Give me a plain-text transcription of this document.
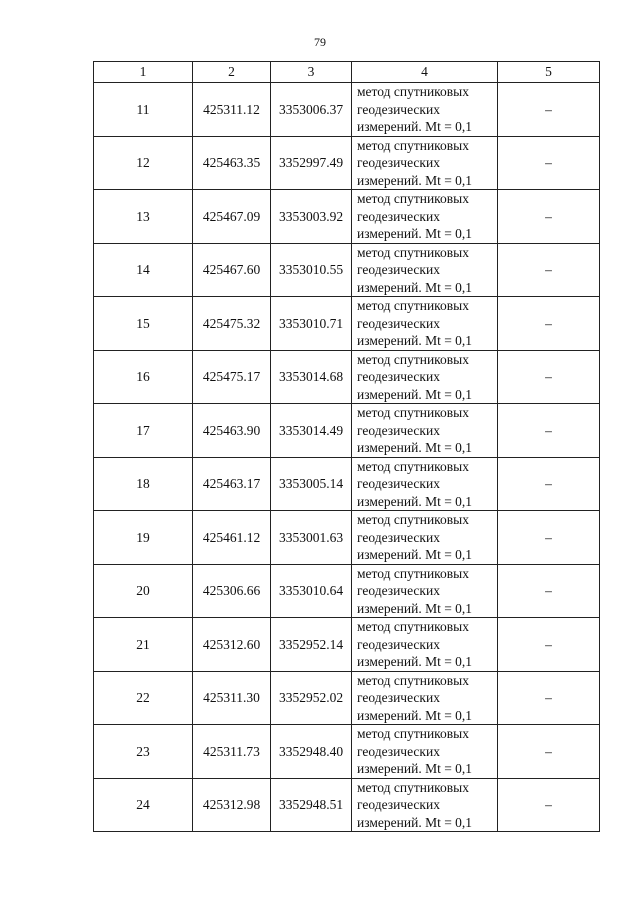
79
1	2	3	4	5
11	425311.12	3353006.37	метод спутниковых
геодезических
измерений. Mt = 0,1	–
12	425463.35	3352997.49	метод спутниковых
геодезических
измерений. Mt = 0,1	–
13	425467.09	3353003.92	метод спутниковых
геодезических
измерений. Mt = 0,1	–
14	425467.60	3353010.55	метод спутниковых
геодезических
измерений. Mt = 0,1	–
15	425475.32	3353010.71	метод спутниковых
геодезических
измерений. Mt = 0,1	–
16	425475.17	3353014.68	метод спутниковых
геодезических
измерений. Mt = 0,1	–
17	425463.90	3353014.49	метод спутниковых
геодезических
измерений. Mt = 0,1	–
18	425463.17	3353005.14	метод спутниковых
геодезических
измерений. Mt = 0,1	–
19	425461.12	3353001.63	метод спутниковых
геодезических
измерений. Mt = 0,1	–
20	425306.66	3353010.64	метод спутниковых
геодезических
измерений. Mt = 0,1	–
21	425312.60	3352952.14	метод спутниковых
геодезических
измерений. Mt = 0,1	–
22	425311.30	3352952.02	метод спутниковых
геодезических
измерений. Mt = 0,1	–
23	425311.73	3352948.40	метод спутниковых
геодезических
измерений. Mt = 0,1	–
24	425312.98	3352948.51	метод спутниковых
геодезических
измерений. Mt = 0,1	–
